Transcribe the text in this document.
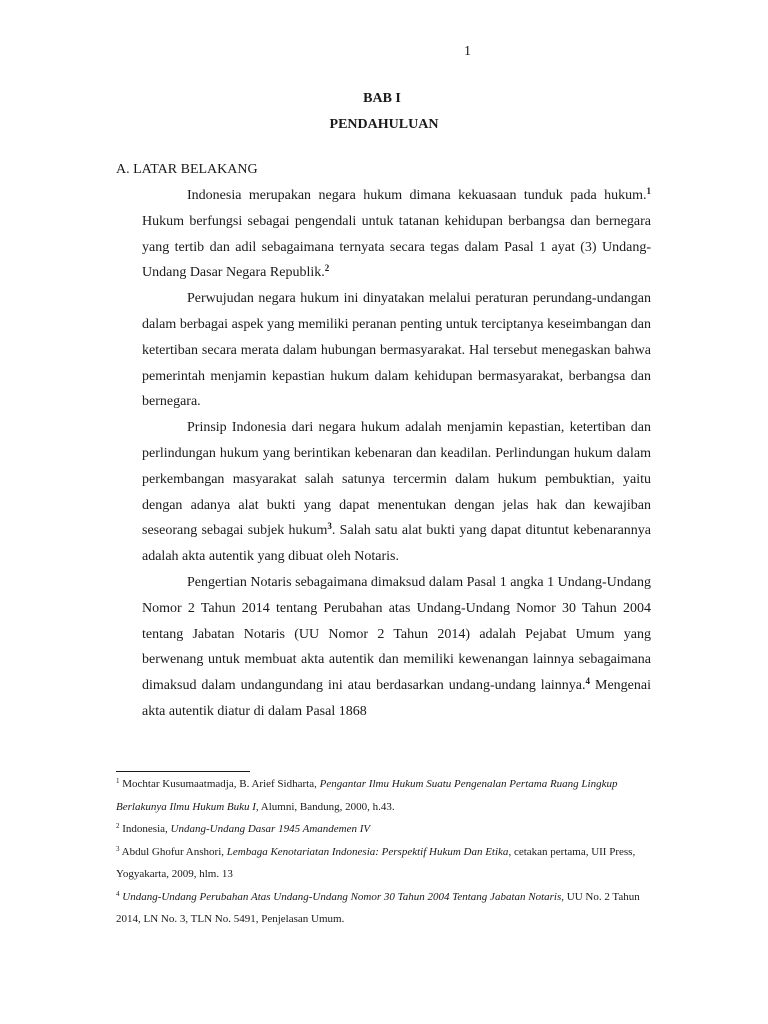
1
BAB I
PENDAHULUAN
A. LATAR BELAKANG

Indonesia merupakan negara hukum dimana kekuasaan tunduk pada hukum.$^1$ Hukum berfungsi sebagai pengendali untuk tatanan kehidupan berbangsa dan bernegara yang tertib dan adil sebagaimana ternyata secara tegas dalam Pasal 1 ayat (3) Undang-Undang Dasar Negara Republik.$^2$

Perwujudan negara hukum ini dinyatakan melalui peraturan perundang-undangan dalam berbagai aspek yang memiliki peranan penting untuk terciptanya keseimbangan dan ketertiban secara merata dalam hubungan bermasyarakat. Hal tersebut menegaskan bahwa pemerintah menjamin kepastian hukum dalam kehidupan bermasyarakat, berbangsa dan bernegara.

Prinsip Indonesia dari negara hukum adalah menjamin kepastian, ketertiban dan perlindungan hukum yang berintikan kebenaran dan keadilan. Perlindungan hukum dalam perkembangan masyarakat salah satunya tercermin dalam hukum pembuktian, yaitu dengan adanya alat bukti yang dapat menentukan dengan jelas hak dan kewajiban seseorang sebagai subjek hukum$^3$. Salah satu alat bukti yang dapat dituntut kebenarannya adalah akta autentik yang dibuat oleh Notaris.

Pengertian Notaris sebagaimana dimaksud dalam Pasal 1 angka 1 Undang-Undang Nomor 2 Tahun 2014 tentang Perubahan atas Undang-Undang Nomor 30 Tahun 2004 tentang Jabatan Notaris (UU Nomor 2 Tahun 2014) adalah Pejabat Umum yang berwenang untuk membuat akta autentik dan memiliki kewenangan lainnya sebagaimana dimaksud dalam undangundang ini atau berdasarkan undang-undang lainnya.$^4$ Mengenai akta autentik diatur di dalam Pasal 1868

$^1$ Mochtar Kusumaatmadja, B. Arief Sidharta, Pengantar Ilmu Hukum Suatu Pengenalan Pertama Ruang Lingkup Berlakunya Ilmu Hukum Buku I, Alumni, Bandung, 2000, h.43.
$^2$ Indonesia, Undang-Undang Dasar 1945 Amandemen IV
$^3$ Abdul Ghofur Anshori, Lembaga Kenotariatan Indonesia: Perspektif Hukum Dan Etika, cetakan pertama, UII Press, Yogyakarta, 2009, hlm. 13
$^4$ Undang-Undang Perubahan Atas Undang-Undang Nomor 30 Tahun 2004 Tentang Jabatan Notaris, UU No. 2 Tahun 2014, LN No. 3, TLN No. 5491, Penjelasan Umum.
